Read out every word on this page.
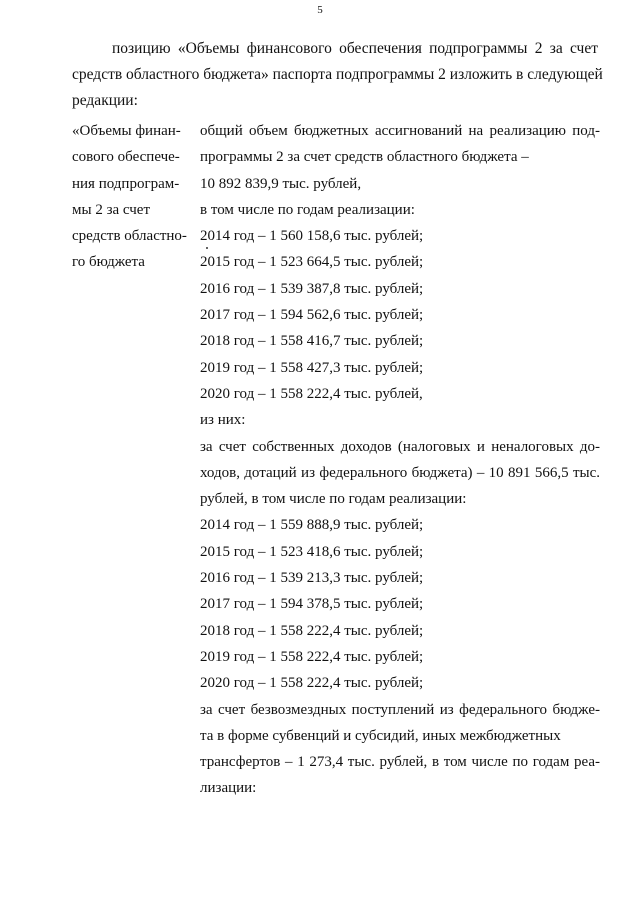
5
позицию «Объемы финансового обеспечения подпрограммы 2 за счет
средств областного бюджета» паспорта подпрограммы 2 изложить в следующей
редакции:
«Объемы финан-
сового обеспече-
ния подпрограм-
мы 2 за счет
средств областно-
го бюджета
общий объем бюджетных ассигнований на реализацию под-
программы 2 за счет средств областного бюджета –
10 892 839,9 тыс. рублей,
в том числе по годам реализации:
2014 год – 1 560 158,6 тыс. рублей;
2015 год – 1 523 664,5 тыс. рублей;
2016 год – 1 539 387,8 тыс. рублей;
2017 год – 1 594 562,6 тыс. рублей;
2018 год – 1 558 416,7 тыс. рублей;
2019 год – 1 558 427,3 тыс. рублей;
2020 год – 1 558 222,4 тыс. рублей,
из них:
за счет собственных доходов (налоговых и неналоговых до-
ходов, дотаций из федерального бюджета) – 10 891 566,5 тыс.
рублей, в том числе по годам реализации:
2014 год – 1 559 888,9 тыс. рублей;
2015 год – 1 523 418,6 тыс. рублей;
2016 год – 1 539 213,3 тыс. рублей;
2017 год – 1 594 378,5 тыс. рублей;
2018 год – 1 558 222,4 тыс. рублей;
2019 год – 1 558 222,4 тыс. рублей;
2020 год – 1 558 222,4 тыс. рублей;
за счет безвозмездных поступлений из федерального бюдже-
та в форме субвенций и субсидий, иных межбюджетных
трансфертов – 1 273,4 тыс. рублей, в том числе по годам реа-
лизации:
